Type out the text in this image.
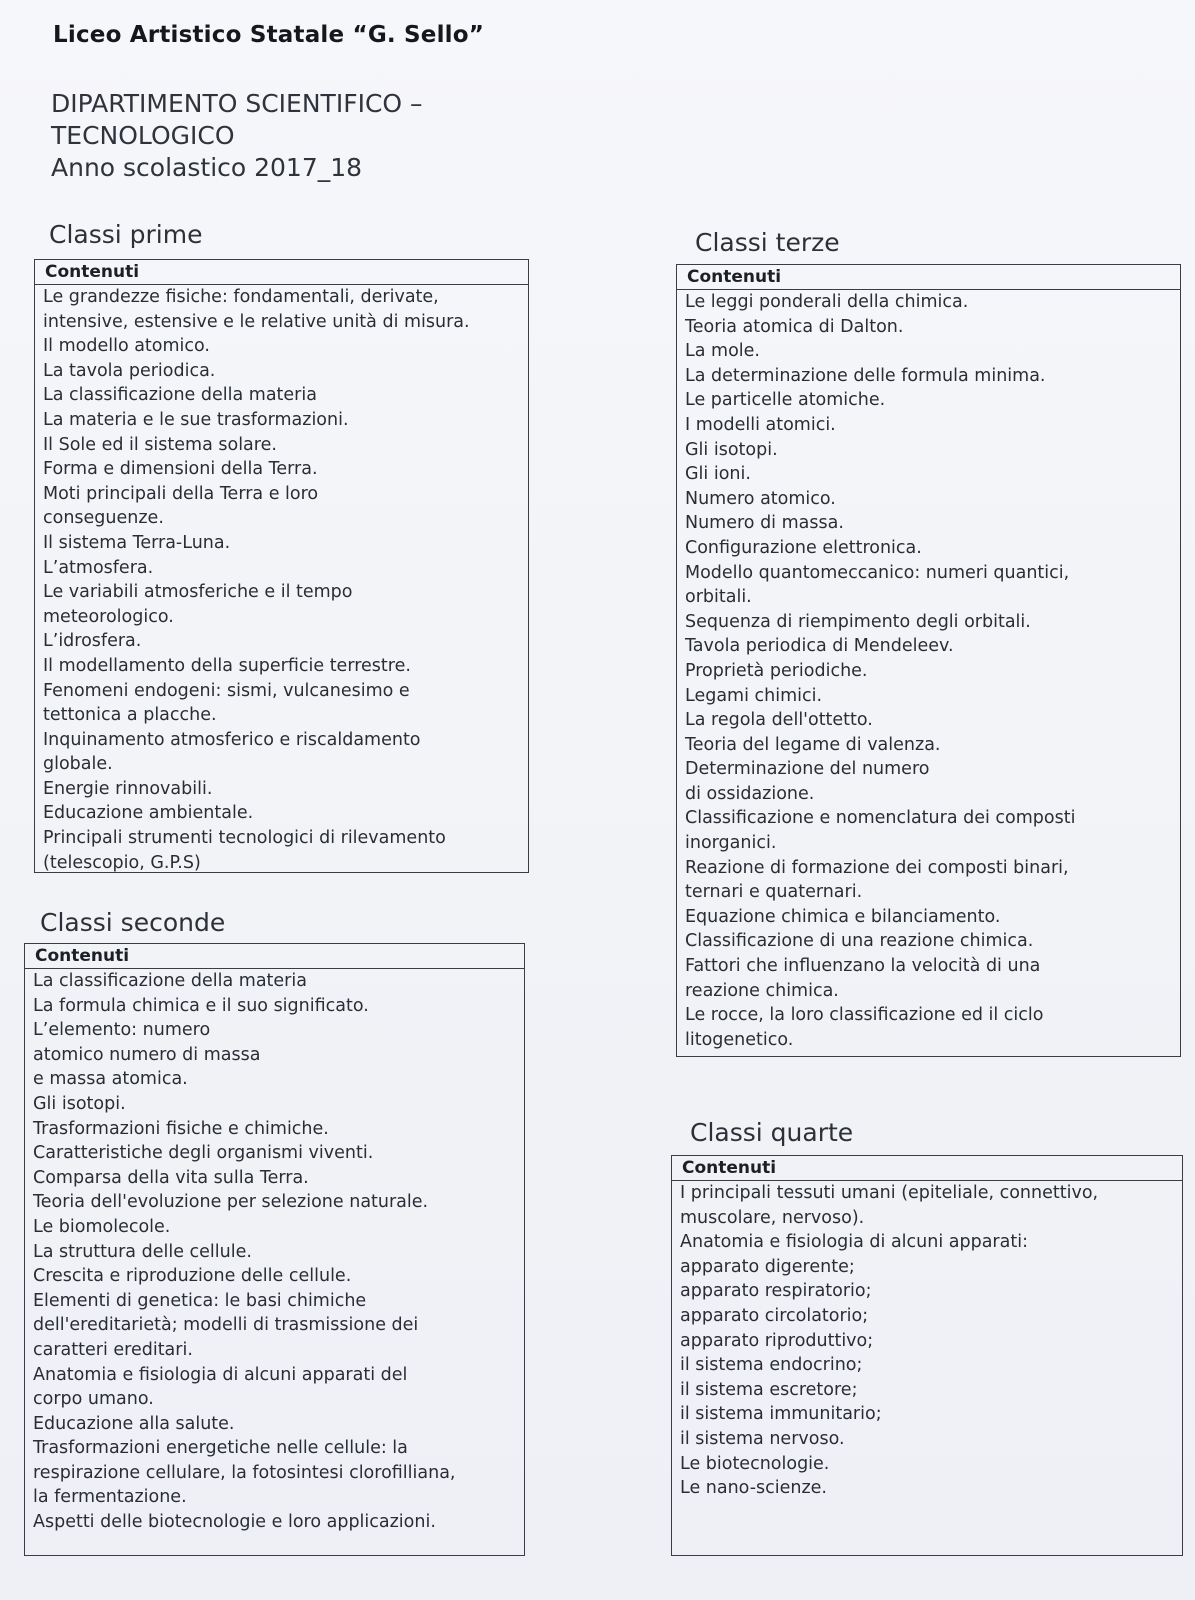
Liceo Artistico Statale “G. Sello”
DIPARTIMENTO SCIENTIFICO –
TECNOLOGICO
Anno scolastico 2017_18
Classi prime
Contenuti
Le grandezze fisiche: fondamentali, derivate,
intensive, estensive e le relative unità di misura.
Il modello atomico.
La tavola periodica.
La classificazione della materia
La materia e le sue trasformazioni.
Il Sole ed il sistema solare.
Forma e dimensioni della Terra.
Moti principali della Terra e loro
conseguenze.
Il sistema Terra-Luna.
L’atmosfera.
Le variabili atmosferiche e il tempo
meteorologico.
L’idrosfera.
Il modellamento della superficie terrestre.
Fenomeni endogeni: sismi, vulcanesimo e
tettonica a placche.
Inquinamento atmosferico e riscaldamento
globale.
Energie rinnovabili.
Educazione ambientale.
Principali strumenti tecnologici di rilevamento
(telescopio, G.P.S)
Classi terze
Contenuti
Le leggi ponderali della chimica.
Teoria atomica di Dalton.
La mole.
La determinazione delle formula minima.
Le particelle atomiche.
I modelli atomici.
Gli isotopi.
Gli ioni.
Numero atomico.
Numero di massa.
Configurazione elettronica.
Modello quantomeccanico: numeri quantici,
orbitali.
Sequenza di riempimento degli orbitali.
Tavola periodica di Mendeleev.
Proprietà periodiche.
Legami chimici.
La regola dell'ottetto.
Teoria del legame di valenza.
Determinazione del numero
di ossidazione.
Classificazione e nomenclatura dei composti
inorganici.
Reazione di formazione dei composti binari,
ternari e quaternari.
Equazione chimica e bilanciamento.
Classificazione di una reazione chimica.
Fattori che influenzano la velocità di una
reazione chimica.
Le rocce, la loro classificazione ed il ciclo
litogenetico.
Classi seconde
Contenuti
La classificazione della materia
La formula chimica e il suo significato.
L’elemento: numero
atomico numero di massa
e massa atomica.
Gli isotopi.
Trasformazioni fisiche e chimiche.
Caratteristiche degli organismi viventi.
Comparsa della vita sulla Terra.
Teoria dell'evoluzione per selezione naturale.
Le biomolecole.
La struttura delle cellule.
Crescita e riproduzione delle cellule.
Elementi di genetica: le basi chimiche
dell'ereditarietà; modelli di trasmissione dei
caratteri ereditari.
Anatomia e fisiologia di alcuni apparati del
corpo umano.
Educazione alla salute.
Trasformazioni energetiche nelle cellule: la
respirazione cellulare, la fotosintesi clorofilliana,
la fermentazione.
Aspetti delle biotecnologie e loro applicazioni.
Classi quarte
Contenuti
I principali tessuti umani (epiteliale, connettivo,
muscolare, nervoso).
Anatomia e fisiologia di alcuni apparati:
apparato digerente;
apparato respiratorio;
apparato circolatorio;
apparato riproduttivo;
il sistema endocrino;
il sistema escretore;
il sistema immunitario;
il sistema nervoso.
Le biotecnologie.
Le nano-scienze.
